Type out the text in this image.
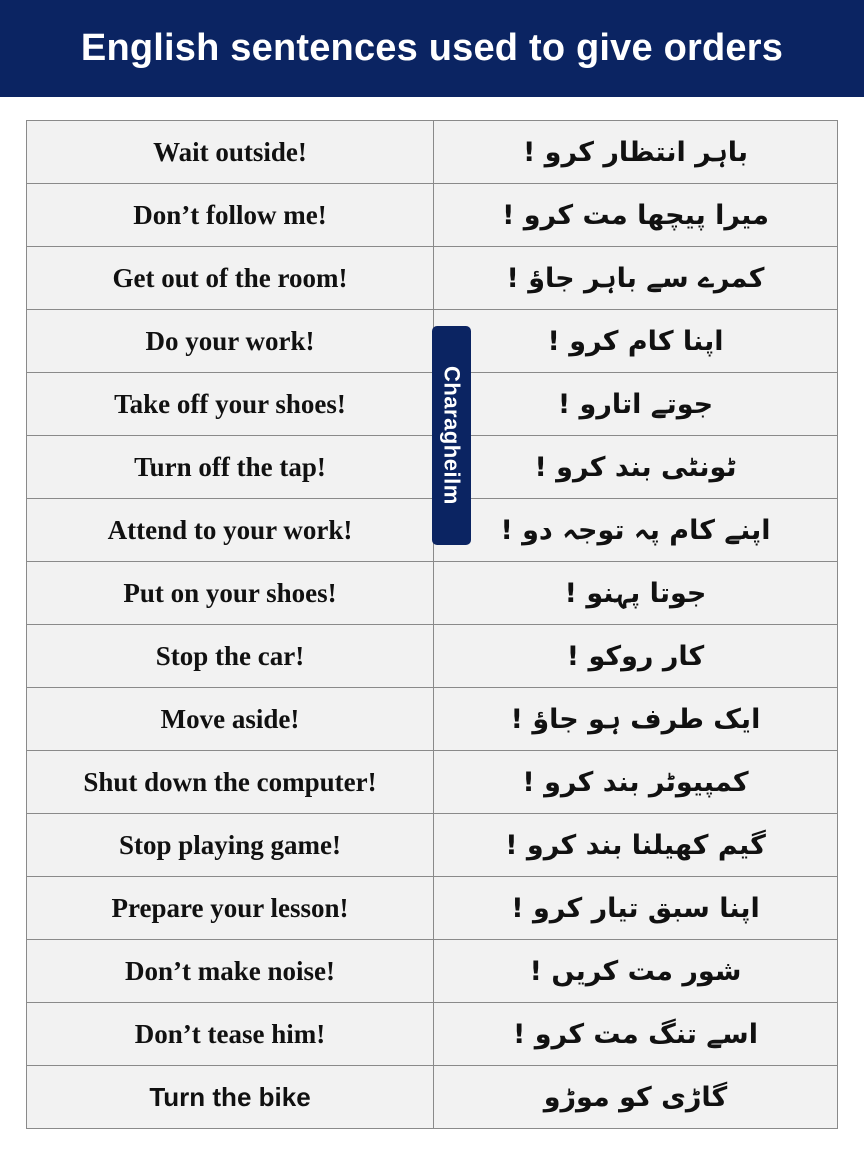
English sentences used to give orders
Wait outside!	باہر انتظار کرو !
Don’t follow me!	میرا پیچھا مت کرو !
Get out of the room!	کمرے سے باہر جاؤ !
Do your work!	اپنا کام کرو !
Take off your shoes!	جوتے اتارو !
Turn off the tap!	ٹونٹی بند کرو !
Attend to your work!	اپنے کام پہ توجہ دو !
Put on your shoes!	جوتا پہنو !
Stop the car!	کار روکو !
Move aside!	ایک طرف ہو جاؤ !
Shut down the computer!	کمپیوٹر بند کرو !
Stop playing game!	گیم کھیلنا بند کرو !
Prepare your lesson!	اپنا سبق تیار کرو !
Don’t make noise!	شور مت کریں !
Don’t tease him!	اسے تنگ مت کرو !
Turn the bike	گاڑی کو موڑو
Charagheilm
